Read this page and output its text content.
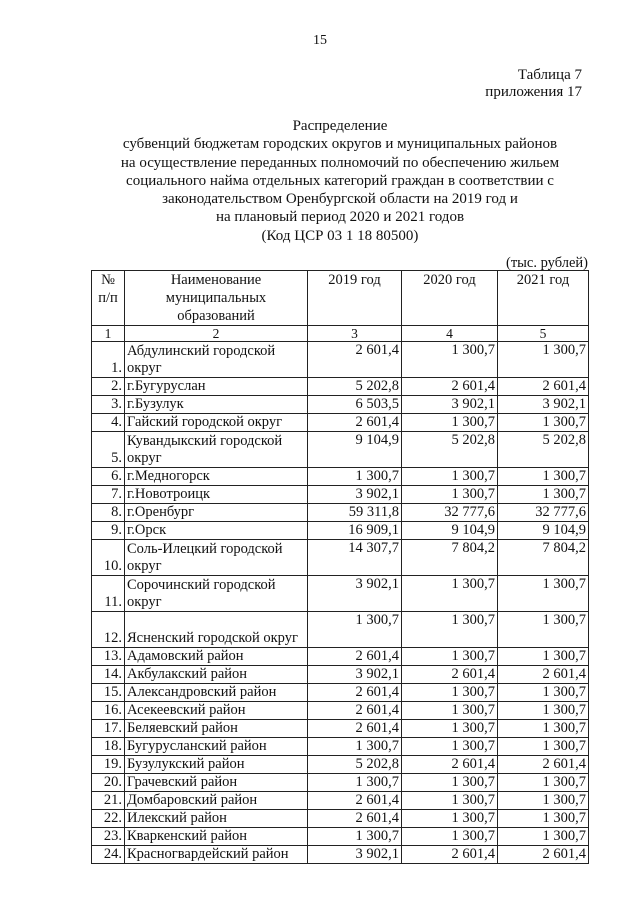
15
Таблица 7
приложения 17
Распределение
субвенций бюджетам городских округов и муниципальных районов
на осуществление переданных полномочий по обеспечению жильем
социального найма отдельных категорий граждан в соответствии с
законодательством Оренбургской области на 2019 год и
на плановый период 2020 и 2021 годов
(Код ЦСР 03 1 18 80500)
(тыс. рублей)
№ п/п	Наименование муниципальных образований	2019 год	2020 год	2021 год
1	2	3	4	5
1.	Абдулинский городской округ	2 601,4	1 300,7	1 300,7
2.	г.Бугуруслан	5 202,8	2 601,4	2 601,4
3.	г.Бузулук	6 503,5	3 902,1	3 902,1
4.	Гайский городской округ	2 601,4	1 300,7	1 300,7
5.	Кувандыкский городской округ	9 104,9	5 202,8	5 202,8
6.	г.Медногорск	1 300,7	1 300,7	1 300,7
7.	г.Новотроицк	3 902,1	1 300,7	1 300,7
8.	г.Оренбург	59 311,8	32 777,6	32 777,6
9.	г.Орск	16 909,1	9 104,9	9 104,9
10.	Соль-Илецкий городской округ	14 307,7	7 804,2	7 804,2
11.	Сорочинский городской округ	3 902,1	1 300,7	1 300,7
12.	Ясненский городской округ	1 300,7	1 300,7	1 300,7
13.	Адамовский район	2 601,4	1 300,7	1 300,7
14.	Акбулакский район	3 902,1	2 601,4	2 601,4
15.	Александровский район	2 601,4	1 300,7	1 300,7
16.	Асекеевский район	2 601,4	1 300,7	1 300,7
17.	Беляевский район	2 601,4	1 300,7	1 300,7
18.	Бугурусланский район	1 300,7	1 300,7	1 300,7
19.	Бузулукский район	5 202,8	2 601,4	2 601,4
20.	Грачевский район	1 300,7	1 300,7	1 300,7
21.	Домбаровский район	2 601,4	1 300,7	1 300,7
22.	Илекский район	2 601,4	1 300,7	1 300,7
23.	Кваркенский район	1 300,7	1 300,7	1 300,7
24.	Красногвардейский район	3 902,1	2 601,4	2 601,4
